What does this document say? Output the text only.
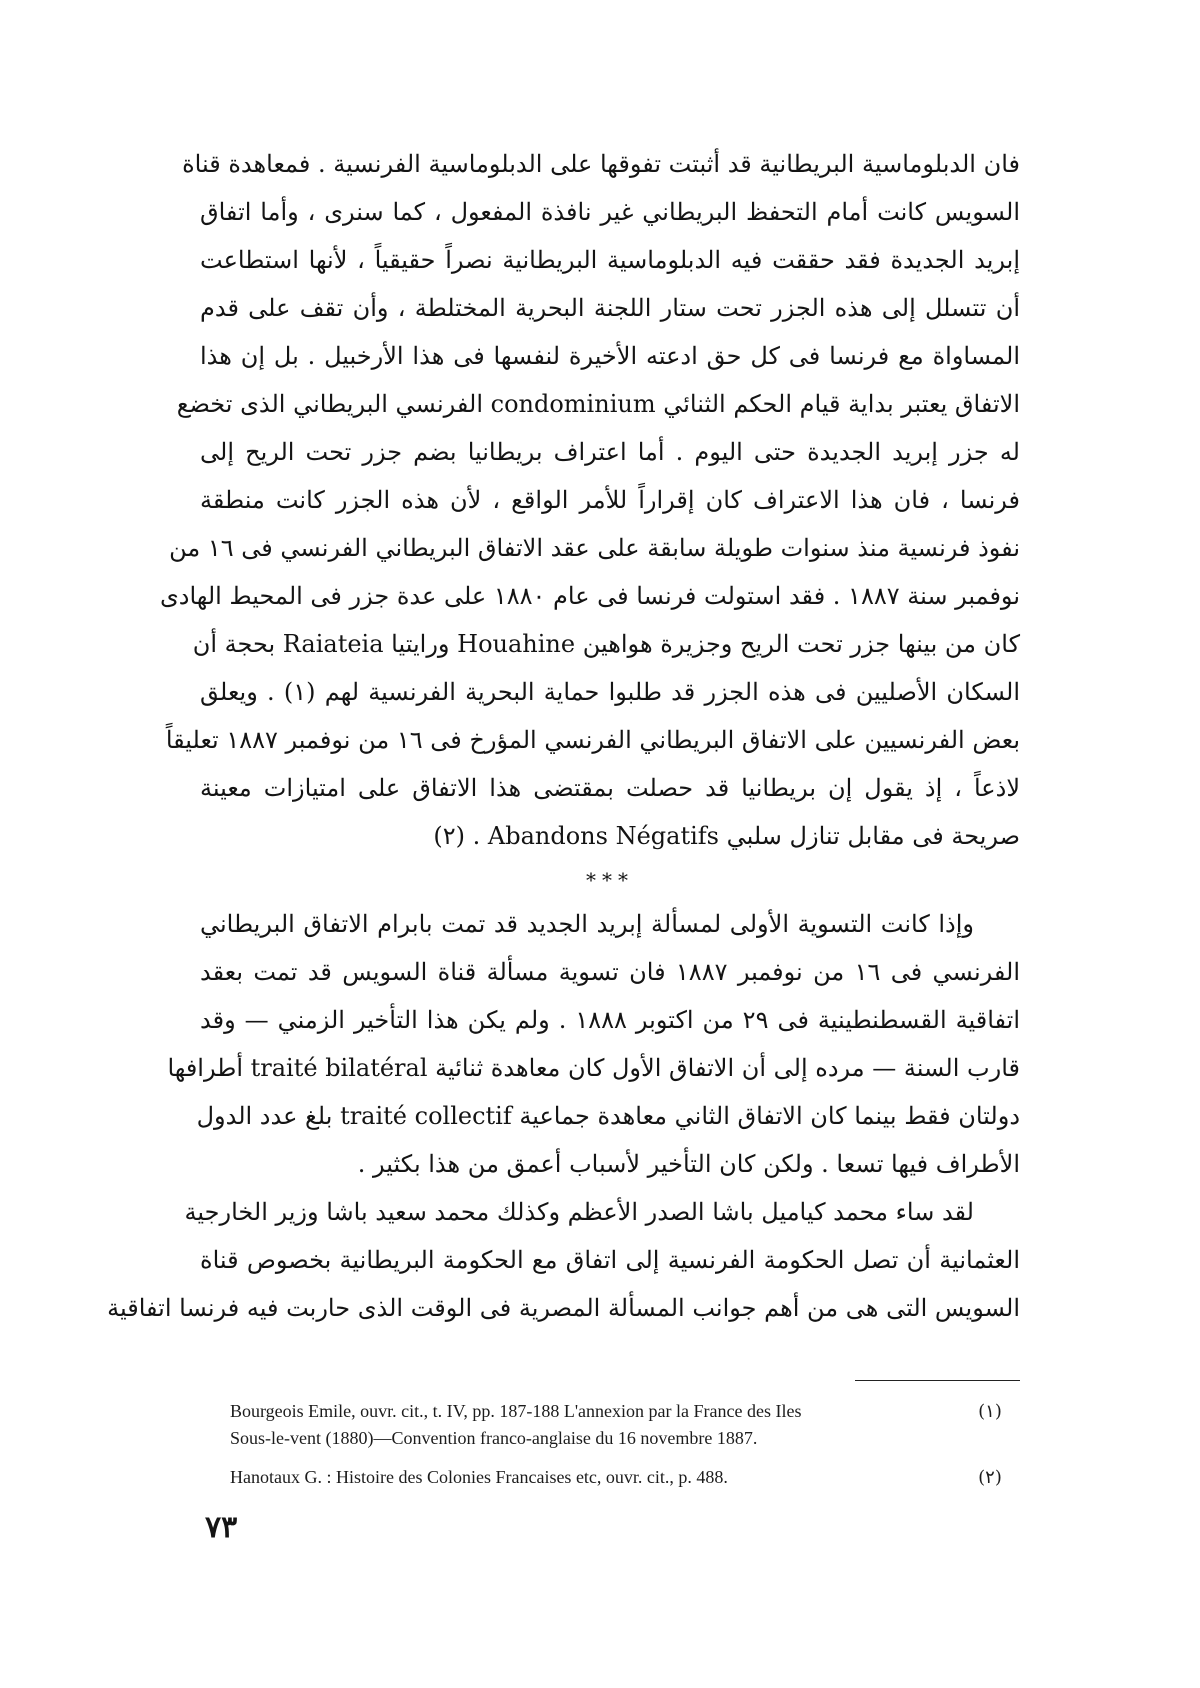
فان الدبلوماسية البريطانية قد أثبتت تفوقها على الدبلوماسية الفرنسية . فمعاهدة قناة
السويس كانت أمام التحفظ البريطاني غير نافذة المفعول ، كما سنرى ، وأما اتفاق
إبريد الجديدة فقد حققت فيه الدبلوماسية البريطانية نصراً حقيقياً ، لأنها استطاعت
أن تتسلل إلى هذه الجزر تحت ستار اللجنة البحرية المختلطة ، وأن تقف على قدم
المساواة مع فرنسا فى كل حق ادعته الأخيرة لنفسها فى هذا الأرخبيل . بل إن هذا
الاتفاق يعتبر بداية قيام الحكم الثنائي condominium الفرنسي البريطاني الذى تخضع
له جزر إبريد الجديدة حتى اليوم . أما اعتراف بريطانيا بضم جزر تحت الريح إلى
فرنسا ، فان هذا الاعتراف كان إقراراً للأمر الواقع ، لأن هذه الجزر كانت منطقة
نفوذ فرنسية منذ سنوات طويلة سابقة على عقد الاتفاق البريطاني الفرنسي فى ١٦ من
نوفمبر سنة ١٨٨٧ . فقد استولت فرنسا فى عام ١٨٨٠ على عدة جزر فى المحيط الهادى
كان من بينها جزر تحت الريح وجزيرة هواهين Houahine ورايتيا Raiateia بحجة أن
السكان الأصليين فى هذه الجزر قد طلبوا حماية البحرية الفرنسية لهم (١) . ويعلق
بعض الفرنسيين على الاتفاق البريطاني الفرنسي المؤرخ فى ١٦ من نوفمبر ١٨٨٧ تعليقاً
لاذعاً ، إذ يقول إن بريطانيا قد حصلت بمقتضى هذا الاتفاق على امتيازات معينة
صريحة فى مقابل تنازل سلبي Abandons Négatifs . (٢)
***
وإذا كانت التسوية الأولى لمسألة إبريد الجديد قد تمت بابرام الاتفاق البريطاني
الفرنسي فى ١٦ من نوفمبر ١٨٨٧ فان تسوية مسألة قناة السويس قد تمت بعقد
اتفاقية القسطنطينية فى ٢٩ من اكتوبر ١٨٨٨ . ولم يكن هذا التأخير الزمني — وقد
قارب السنة — مرده إلى أن الاتفاق الأول كان معاهدة ثنائية traité bilatéral أطرافها
دولتان فقط بينما كان الاتفاق الثاني معاهدة جماعية traité collectif بلغ عدد الدول
الأطراف فيها تسعا . ولكن كان التأخير لأسباب أعمق من هذا بكثير .
لقد ساء محمد كياميل باشا الصدر الأعظم وكذلك محمد سعيد باشا وزير الخارجية
العثمانية أن تصل الحكومة الفرنسية إلى اتفاق مع الحكومة البريطانية بخصوص قناة
السويس التى هى من أهم جوانب المسألة المصرية فى الوقت الذى حاربت فيه فرنسا اتفاقية
(١)
Bourgeois Emile, ouvr. cit., t. IV, pp. 187-188 L'annexion par la France des Iles
Sous-le-vent (1880)—Convention franco-anglaise du 16 novembre 1887.
(٢)
Hanotaux G. : Histoire des Colonies Francaises etc, ouvr. cit., p. 488.
٧٣
